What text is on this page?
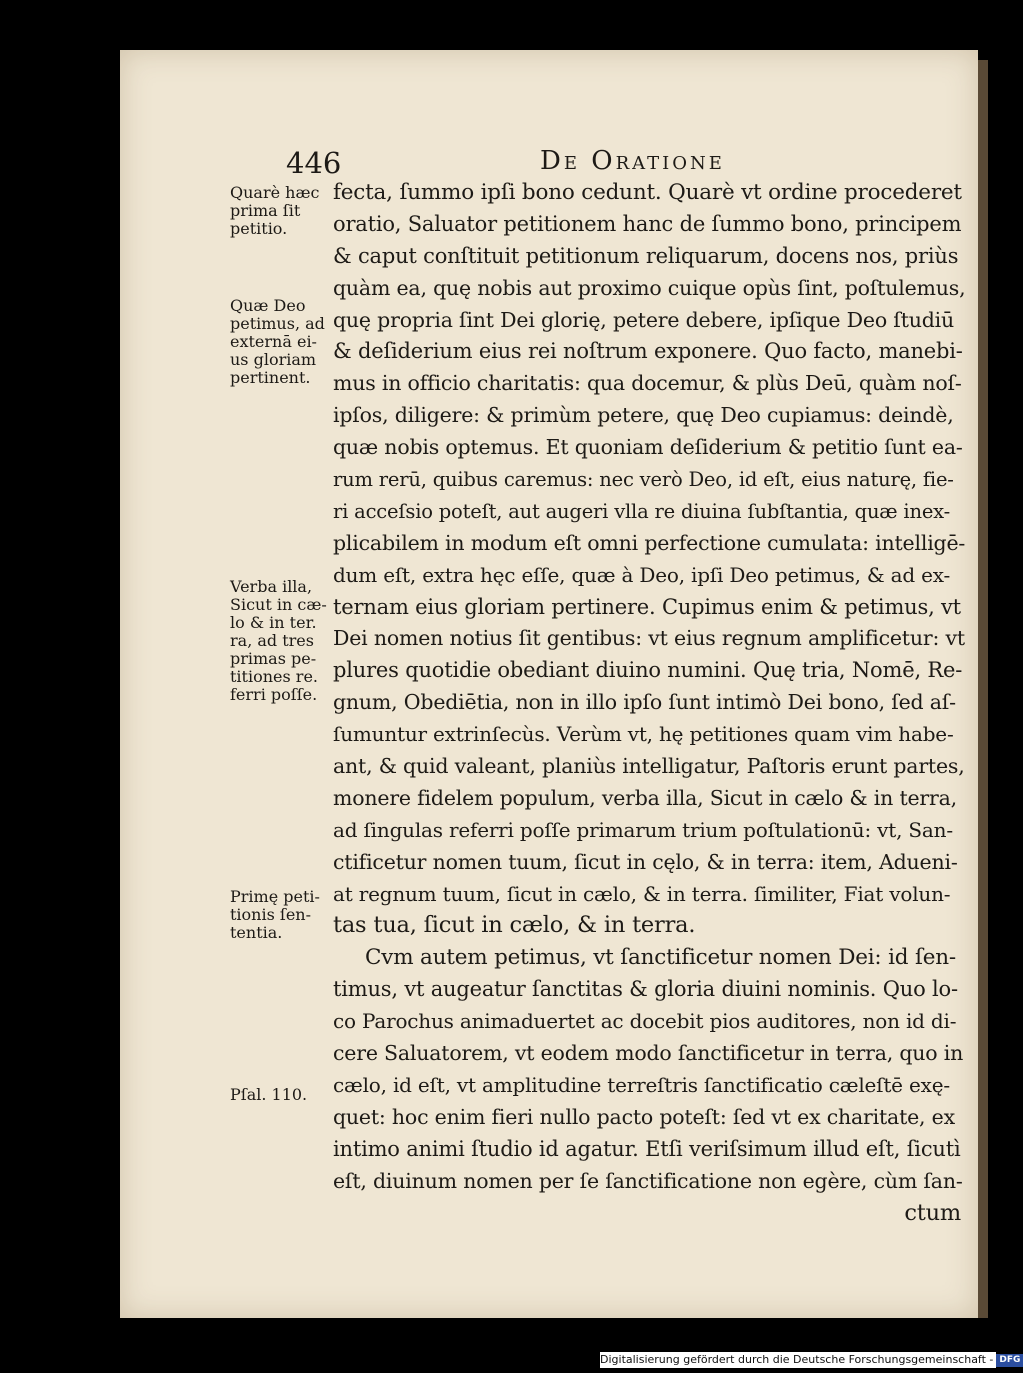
446	De Oratione
Quarè hæc
prima ſit
petitio.
Quæ Deo
petimus, ad
externā ei-
us gloriam
pertinent.
Verba illa,
Sicut in cæ-
lo & in ter.
ra, ad tres
primas pe-
titiones re.
ferri poſſe.
Primę peti-
tionis ſen-
tentia.
Pſal. 110.
fecta, ſummo ipſi bono cedunt. Quarè vt ordine procederet
oratio, Saluator petitionem hanc de ſummo bono, principem
& caput conſtituit petitionum reliquarum, docens nos, priùs
quàm ea, quę nobis aut proximo cuique opùs ſint, poſtulemus,
quę propria ſint Dei glorię, petere debere, ipſique Deo ſtudiū
& deſiderium eius rei noſtrum exponere. Quo facto, manebi-
mus in officio charitatis: qua docemur, & plùs Deū, quàm noſ-
ipſos, diligere: & primùm petere, quę Deo cupiamus: deindè,
quæ nobis optemus. Et quoniam deſiderium & petitio ſunt ea-
rum rerū, quibus caremus: nec verò Deo, id eſt, eius naturę, fie-
ri acceſsio poteſt, aut augeri vlla re diuina ſubſtantia, quæ inex-
plicabilem in modum eſt omni perfectione cumulata: intelligē-
dum eſt, extra hęc eſſe, quæ à Deo, ipſi Deo petimus, & ad ex-
ternam eius gloriam pertinere. Cupimus enim & petimus, vt
Dei nomen notius ſit gentibus: vt eius regnum amplificetur: vt
plures quotidie obediant diuino numini. Quę tria, Nomē, Re-
gnum, Obediētia, non in illo ipſo ſunt intimò Dei bono, ſed aſ-
ſumuntur extrinſecùs. Verùm vt, hę petitiones quam vim habe-
ant, & quid valeant, planiùs intelligatur, Paſtoris erunt partes,
monere fidelem populum, verba illa, Sicut in cælo & in terra,
ad ſingulas referri poſſe primarum trium poſtulationū: vt, San-
ctificetur nomen tuum, ſicut in cęlo, & in terra: item, Adueni-
at regnum tuum, ſicut in cælo, & in terra. ſimiliter, Fiat volun-
tas tua, ſicut in cælo, & in terra.
Cvm autem petimus, vt ſanctificetur nomen Dei: id ſen-
timus, vt augeatur ſanctitas & gloria diuini nominis. Quo lo-
co Parochus animaduertet ac docebit pios auditores, non id di-
cere Saluatorem, vt eodem modo ſanctificetur in terra, quo in
cælo, id eſt, vt amplitudine terreſtris ſanctificatio cæleſtē exę-
quet: hoc enim fieri nullo pacto poteſt: ſed vt ex charitate, ex
intimo animi ſtudio id agatur. Etſi veriſsimum illud eſt, ſicutì
eſt, diuinum nomen per ſe ſanctificatione non egère, cùm ſan-
ctum
Digitalisierung gefördert durch die Deutsche Forschungsgemeinschaft - DFG
